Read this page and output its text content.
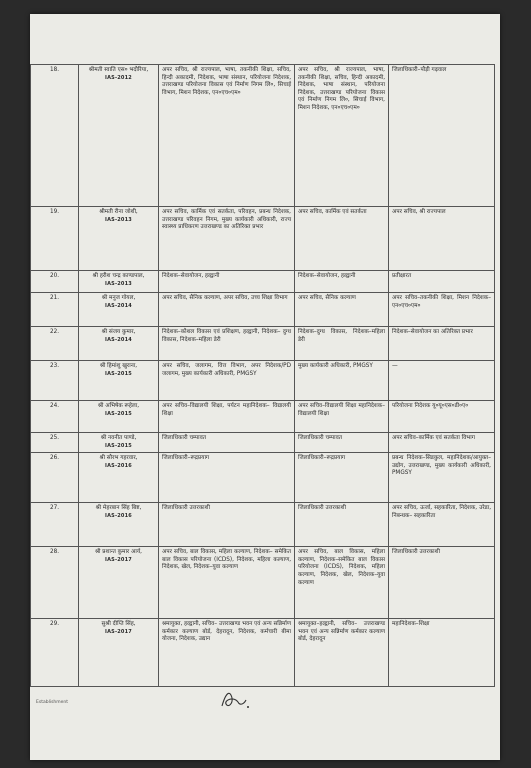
18.	श्रीमती स्वाति एस० भदौरिया,
IAS-2012	अपर सचिव, श्री राज्यपाल, भाषा, तकनीकी शिक्षा, सचिव, हिन्दी अकादमी, निदेशक, भाषा संस्थान, परियोजना निदेशक, उत्तराखण्ड परियोजना विकास एवं निर्माण निगम लि०, सिचाई विभाग, मिशन निदेशक, एन०एच०एम०	अपर सचिव, श्री राज्यपाल, भाषा, तकनीकी शिक्षा, सचिव, हिन्दी अकादमी, निदेशक, भाषा संस्थान, परियोजना निदेशक, उत्तराखण्ड परियोजना विकास एवं निर्माण निगम लि०, सिचाई विभाग, मिशन निदेशक, एन०एच०एम०	जिलाधिकारी–पौड़ी गढ़वाल
19.	श्रीमती रीना जोशी,
IAS-2013	अपर सचिव, कार्मिक एवं सतर्कता, परिवहन, प्रबन्ध निदेशक, उत्तराखण्ड परिवहन निगम, मुख्य कार्यकारी अधिकारी, राज्य स्वास्थ्य प्राधिकरण उत्तराखण्ड का अतिरिक्त प्रभार	अपर सचिव, कार्मिक एवं सतर्कता	अपर सचिव, श्री राज्यपाल
20.	श्री हरीश चन्द्र काण्डपाल,
IAS-2013	निदेशक–सेवायोजन, हल्द्वानी	निदेशक–सेवायोजन, हल्द्वानी	प्रतीक्षारत
21.	श्री मनुज गोयल,
IAS-2014	अपर सचिव, सैनिक कल्याण, अपर सचिव, उच्च शिक्षा विभाग	अपर सचिव, सैनिक कल्याण	अपर सचिव–तकनीकी शिक्षा, मिशन निदेशक–एन०एच०एम०
22.	श्री संजय कुमार,
IAS-2014	निदेशक–कौशल विकास एवं प्रशिक्षण, हल्द्वानी, निदेशक– दुग्ध विकास, निदेशक–महिला डेरी	निदेशक–दुग्ध विकास, निदेशक–महिला डेरी	निदेशक–सेवायोजन का अतिरिक्त प्रभार
23.	श्री हिमांशु खुराना,
IAS-2015	अपर सचिव, जलागम, वित्त विभाग, अपर निदेशक/PD जलागम, मुख्य कार्यकारी अधिकारी, PMGSY	मुख्य कार्यकारी अधिकारी, PMGSY	—
24.	श्री अभिषेक रूहेला,
IAS-2015	अपर सचिव–विद्यालयी शिक्षा, पर्यटन महानिदेशक– विद्यालयी शिक्षा	अपर सचिव–विद्यालयी शिक्षा महानिदेशक– विद्यालयी शिक्षा	परियोजना निदेशक यू०यू०एस०डी०ए०
25.	श्री नवनीत पाण्डे,
IAS-2015	जिलाधिकारी चम्पावत	जिलाधिकारी चम्पावत	अपर सचिव–कार्मिक एवं सतर्कता विभाग
26.	श्री सौरभ गहरवार,
IAS-2016	जिलाधिकारी–रूद्रप्रयाग	जिलाधिकारी–रूद्रप्रयाग	प्रबन्ध निदेशक–सिडकुल, महानिदेशक/आयुक्त–उद्योग, उत्तराखण्ड, मुख्य कार्यकारी अधिकारी, PMGSY
27.	श्री मेहरबान सिंह बिष्ट,
IAS-2016	जिलाधिकारी उत्तरकाशी	जिलाधिकारी उत्तरकाशी	अपर सचिव, ऊर्जा, सहकारिता, निदेशक, उरेडा, निबन्धक– सहकारिता
28.	श्री प्रशान्त कुमार आर्य,
IAS-2017	अपर सचिव, बाल विकास, महिला कल्याण, निदेशक– समेकित बाल विकास परियोजना (ICDS), निदेशक, महिला कल्याण, निदेशक, खेल, निदेशक–युवा कल्याण	अपर सचिव, बाल विकास, महिला कल्याण, निदेशक–समेकित बाल विकास परियोजना (ICDS), निदेशक, महिला कल्याण, निदेशक, खेल, निदेशक–युवा कल्याण	जिलाधिकारी उत्तरकाशी
29.	सुश्री दीप्ति सिंह,
IAS-2017	श्रमायुक्त, हल्द्वानी, सचिव– उत्तराखण्ड भवन एवं अन्य सन्निर्माण कर्मकार कल्याण बोर्ड, देहरादून, निदेशक, कर्मचारी बीमा योजना, निदेशक, उद्यान	श्रमायुक्त–हल्द्वानी, सचिव– उत्तराखण्ड भवन एवं अन्य सन्निर्माण कर्मकार कल्याण बोर्ड, देहरादून	महानिदेशक–शिक्षा
Establishment
